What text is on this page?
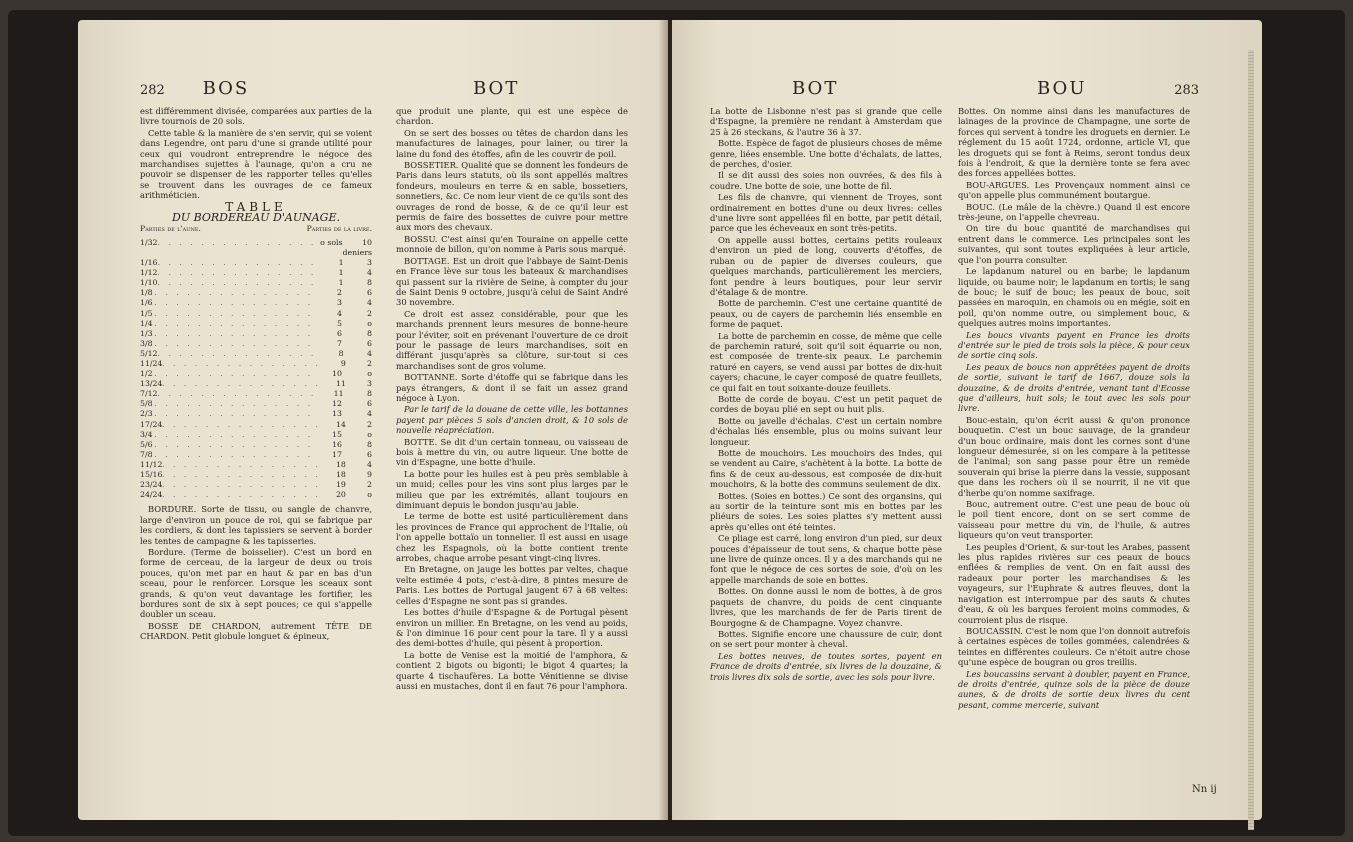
282 BOS	BOT

est différemment divisée, comparées aux parties de la livre tournois de 20 sols.

Cette table & la manière de s'en servir, qui se voient dans Legendre, ont paru d'une si grande utilité pour ceux qui voudront entreprendre le négoce des marchandises sujettes à l'aunage, qu'on a cru ne pouvoir se dispenser de les rapporter telles qu'elles se trouvent dans les ouvrages de ce fameux arithméticien.

TABLE

DU BORDEREAU D'AUNAGE.

Parties de l'aune.	Parties de la livre.
1/32 . . . . . . . . . . . . . . . o sols	10 deniers
1/16 . . . . . . . . . . . . . . .	1	3
1/12 . . . . . . . . . . . . . . .	1	4
1/10 . . . . . . . . . . . . . . .	1	8
1/8 . . . . . . . . . . . . . . .	2	6
1/6 . . . . . . . . . . . . . . .	3	4
1/5 . . . . . . . . . . . . . . .	4	2
1/4 . . . . . . . . . . . . . . .	5	o
1/3 . . . . . . . . . . . . . . .	6	8
3/8 . . . . . . . . . . . . . . .	7	6
5/12 . . . . . . . . . . . . . . .	8	4
11/24 . . . . . . . . . . . . . . .	9	2
1/2 . . . . . . . . . . . . . . .	10	o
13/24 . . . . . . . . . . . . . . .	11	3
7/12 . . . . . . . . . . . . . . .	11	8
5/8 . . . . . . . . . . . . . . .	12	6
2/3 . . . . . . . . . . . . . . .	13	4
17/24 . . . . . . . . . . . . . . .	14	2
3/4 . . . . . . . . . . . . . . .	15	o
5/6 . . . . . . . . . . . . . . .	16	8
7/8 . . . . . . . . . . . . . . .	17	6
11/12 . . . . . . . . . . . . . . .	18	4
15/16 . . . . . . . . . . . . . . .	18	9
23/24 . . . . . . . . . . . . . . .	19	2
24/24 . . . . . . . . . . . . . . .	20	o

BORDURE. Sorte de tissu, ou sangle de chanvre, large d'environ un pouce de roi, qui se fabrique par les cordiers, & dont les tapissiers se servent à border les tentes de campagne & les tapisseries.

Bordure. (Terme de boisselier). C'est un bord en forme de cerceau, de la largeur de deux ou trois pouces, qu'on met par en haut & par en bas d'un sceau, pour le renforcer. Lorsque les sceaux sont grands, & qu'on veut davantage les fortifier, les bordures sont de six à sept pouces; ce qui s'appelle doubler un sceau.

BOSSE DE CHARDON, autrement TÊTE DE CHARDON. Petit globule longuet & épineux,

que produit une plante, qui est une espèce de chardon.

On se sert des bosses ou têtes de chardon dans les manufactures de lainages, pour lainer, ou tirer la laine du fond des étoffes, afin de les couvrir de poil.

BOSSETIER. Qualité que se donnent les fondeurs de Paris dans leurs statuts, où ils sont appellés maîtres fondeurs, mouleurs en terre & en sable, bossetiers, sonnetiers, &c. Ce nom leur vient de ce qu'ils sont des ouvrages de rond de bosse, & de ce qu'il leur est permis de faire des bossettes de cuivre pour mettre aux mors des chevaux.

BOSSU. C'est ainsi qu'en Touraine on appelle cette monnoie de billon, qu'on nomme à Paris sous marqué.

BOTTAGE. Est un droit que l'abbaye de Saint-Denis en France lève sur tous les bateaux & marchandises qui passent sur la rivière de Seine, à compter du jour de Saint Denis 9 octobre, jusqu'à celui de Saint André 30 novembre.

Ce droit est assez considérable, pour que les marchands prennent leurs mesures de bonne-heure pour l'éviter, soit en prévenant l'ouverture de ce droit pour le passage de leurs marchandises, soit en différant jusqu'après sa clôture, sur-tout si ces marchandises sont de gros volume.

BOTTANNE. Sorte d'étoffe qui se fabrique dans les pays étrangers, & dont il se fait un assez grand négoce à Lyon.

Par le tarif de la douane de cette ville, les bottannes payent par pièces 5 sols d'ancien droit, & 10 sols de nouvelle réapréciation.

BOTTE. Se dit d'un certain tonneau, ou vaisseau de bois à mettre du vin, ou autre liqueur. Une botte de vin d'Espagne, une botte d'huile.

La botte pour les huiles est à peu près semblable à un muid; celles pour les vins sont plus larges par le milieu que par les extrémités, allant toujours en diminuant depuis le bondon jusqu'au jable.

Le terme de botte est usité particulièrement dans les provinces de France qui approchent de l'Italie, où l'on appelle bottaïo un tonnelier. Il est aussi en usage chez les Espagnols, où la botte contient trente arrobes, chaque arrobe pesant vingt-cinq livres.

En Bretagne, on jauge les bottes par veltes, chaque velte estimée 4 pots, c'est-à-dire, 8 pintes mesure de Paris. Les bottes de Portugal jaugent 67 à 68 veltes: celles d'Espagne ne sont pas si grandes.

Les bottes d'huile d'Espagne & de Portugal pèsent environ un millier. En Bretagne, on les vend au poids, & l'on diminue 16 pour cent pour la tare. Il y a aussi des demi-bottes d'huile, qui pèsent à proportion.

La botte de Venise est la moitié de l'amphora, & contient 2 bigots ou bigonti; le bigot 4 quartes; la quarte 4 tischaufères. La botte Vénitienne se divise aussi en mustaches, dont il en faut 76 pour l'amphora.

BOT	BOU	283

La botte de Lisbonne n'est pas si grande que celle d'Espagne, la première ne rendant à Amsterdam que 25 à 26 steckans, & l'autre 36 à 37.

Botte. Espèce de fagot de plusieurs choses de même genre, liées ensemble. Une botte d'échalats, de lattes, de perches, d'osier.

Il se dit aussi des soies non ouvrées, & des fils à coudre. Une botte de soie, une botte de fil.

Les fils de chanvre, qui viennent de Troyes, sont ordinairement en bottes d'une ou deux livres: celles d'une livre sont appellées fil en botte, par petit détail, parce que les écheveaux en sont très-petits.

On appelle aussi bottes, certains petits rouleaux d'environ un pied de long, couverts d'étoffes, de ruban ou de papier de diverses couleurs, que quelques marchands, particulièrement les merciers, font pendre à leurs boutiques, pour leur servir d'étalage & de montre.

Botte de parchemin. C'est une certaine quantité de peaux, ou de cayers de parchemin liés ensemble en forme de paquet.

La botte de parchemin en cosse, de même que celle de parchemin raturé, soit qu'il soit équarrie ou non, est composée de trente-six peaux. Le parchemin raturé en cayers, se vend aussi par bottes de dix-huit cayers; chacune, le cayer composé de quatre feuillets, ce qui fait en tout soixante-douze feuillets.

Botte de corde de boyau. C'est un petit paquet de cordes de boyau plié en sept ou huit plis.

Botte ou javelle d'échalas. C'est un certain nombre d'échalas liés ensemble, plus ou moins suivant leur longueur.

Botte de mouchoirs. Les mouchoirs des Indes, qui se vendent au Caire, s'achètent à la botte. La botte de fins & de ceux au-dessous, est composée de dix-huit mouchoirs, & la botte des communs seulement de dix.

Bottes. (Soies en bottes.) Ce sont des organsins, qui au sortir de la teinture sont mis en bottes par les pliéurs de soies. Les soies plattes s'y mettent aussi après qu'elles ont été teintes.

Ce pliage est carré, long environ d'un pied, sur deux pouces d'épaisseur de tout sens, & chaque botte pèse une livre de quinze onces. Il y a des marchands qui ne font que le négoce de ces sortes de soie, d'où on les appelle marchands de soie en bottes.

Bottes. On donne aussi le nom de bottes, à de gros paquets de chanvre, du poids de cent cinquante livres, que les marchands de fer de Paris tirent de Bourgogne & de Champagne. Voyez chanvre.

Bottes. Signifie encore une chaussure de cuir, dont on se sert pour monter à cheval.

Les bottes neuves, de toutes sortes, payent en France de droits d'entrée, six livres de la douzaine, & trois livres dix sols de sortie, avec les sols pour livre.

Bottes. On nomme ainsi dans les manufactures de lainages de la province de Champagne, une sorte de forces qui servent à tondre les droguets en dernier. Le réglement du 15 août 1724, ordonne, article VI, que les droguets qui se font à Reims, seront tondus deux fois à l'endroit, & que la dernière tonte se fera avec des forces appellées bottes.

BOU-ARGUES. Les Provençaux nomment ainsi ce qu'on appelle plus communément boutargue.

BOUC. (Le mâle de la chèvre.) Quand il est encore très-jeune, on l'appelle chevreau.

On tire du bouc quantité de marchandises qui entrent dans le commerce. Les principales sont les suivantes, qui sont toutes expliquées à leur article, que l'on pourra consulter.

Le lapdanum naturel ou en barbe; le lapdanum liquide, ou baume noir; le lapdanum en tortis; le sang de bouc; le suif de bouc; les peaux de bouc, soit passées en maroquin, en chamois ou en mégie, soit en poil, qu'on nomme outre, ou simplement bouc, & quelques autres moins importantes.

Les boucs vivants payent en France les droits d'entrée sur le pied de trois sols la pièce, & pour ceux de sortie cinq sols.

Les peaux de boucs non apprêtées payent de droits de sortie, suivant le tarif de 1667, douze sols la douzaine, & de droits d'entrée, venant tant d'Ecosse que d'ailleurs, huit sols; le tout avec les sols pour livre.

Bouc-estain, qu'on écrit aussi & qu'on prononce bouquetin. C'est un bouc sauvage, de la grandeur d'un bouc ordinaire, mais dont les cornes sont d'une longueur démesurée, si on les compare à la petitesse de l'animal; son sang passe pour être un remède souverain qui brise la pierre dans la vessie, supposant que dans les rochers où il se nourrit, il ne vit que d'herbe qu'on nomme saxifrage.

Bouc, autrement outre. C'est une peau de bouc où le poil tient encore, dont on se sert comme de vaisseau pour mettre du vin, de l'huile, & autres liqueurs qu'on veut transporter.

Les peuples d'Orient, & sur-tout les Arabes, passent les plus rapides rivières sur ces peaux de boucs enflées & remplies de vent. On en fait aussi des radeaux pour porter les marchandises & les voyageurs, sur l'Euphrate & autres fleuves, dont la navigation est interrompue par des sauts & chutes d'eau, & où les barques feroient moins commodes, & courroient plus de risque.

BOUCASSIN. C'est le nom que l'on donnoit autrefois à certaines espèces de toiles gommées, calendrées & teintes en différentes couleurs. Ce n'étoit autre chose qu'une espèce de bougran ou gros treillis.

Les boucassins servant à doubler, payent en France, de droits d'entrée, quinze sols de la pièce de douze aunes, & de droits de sortie deux livres du cent pesant, comme mercerie, suivant

Nn ij
